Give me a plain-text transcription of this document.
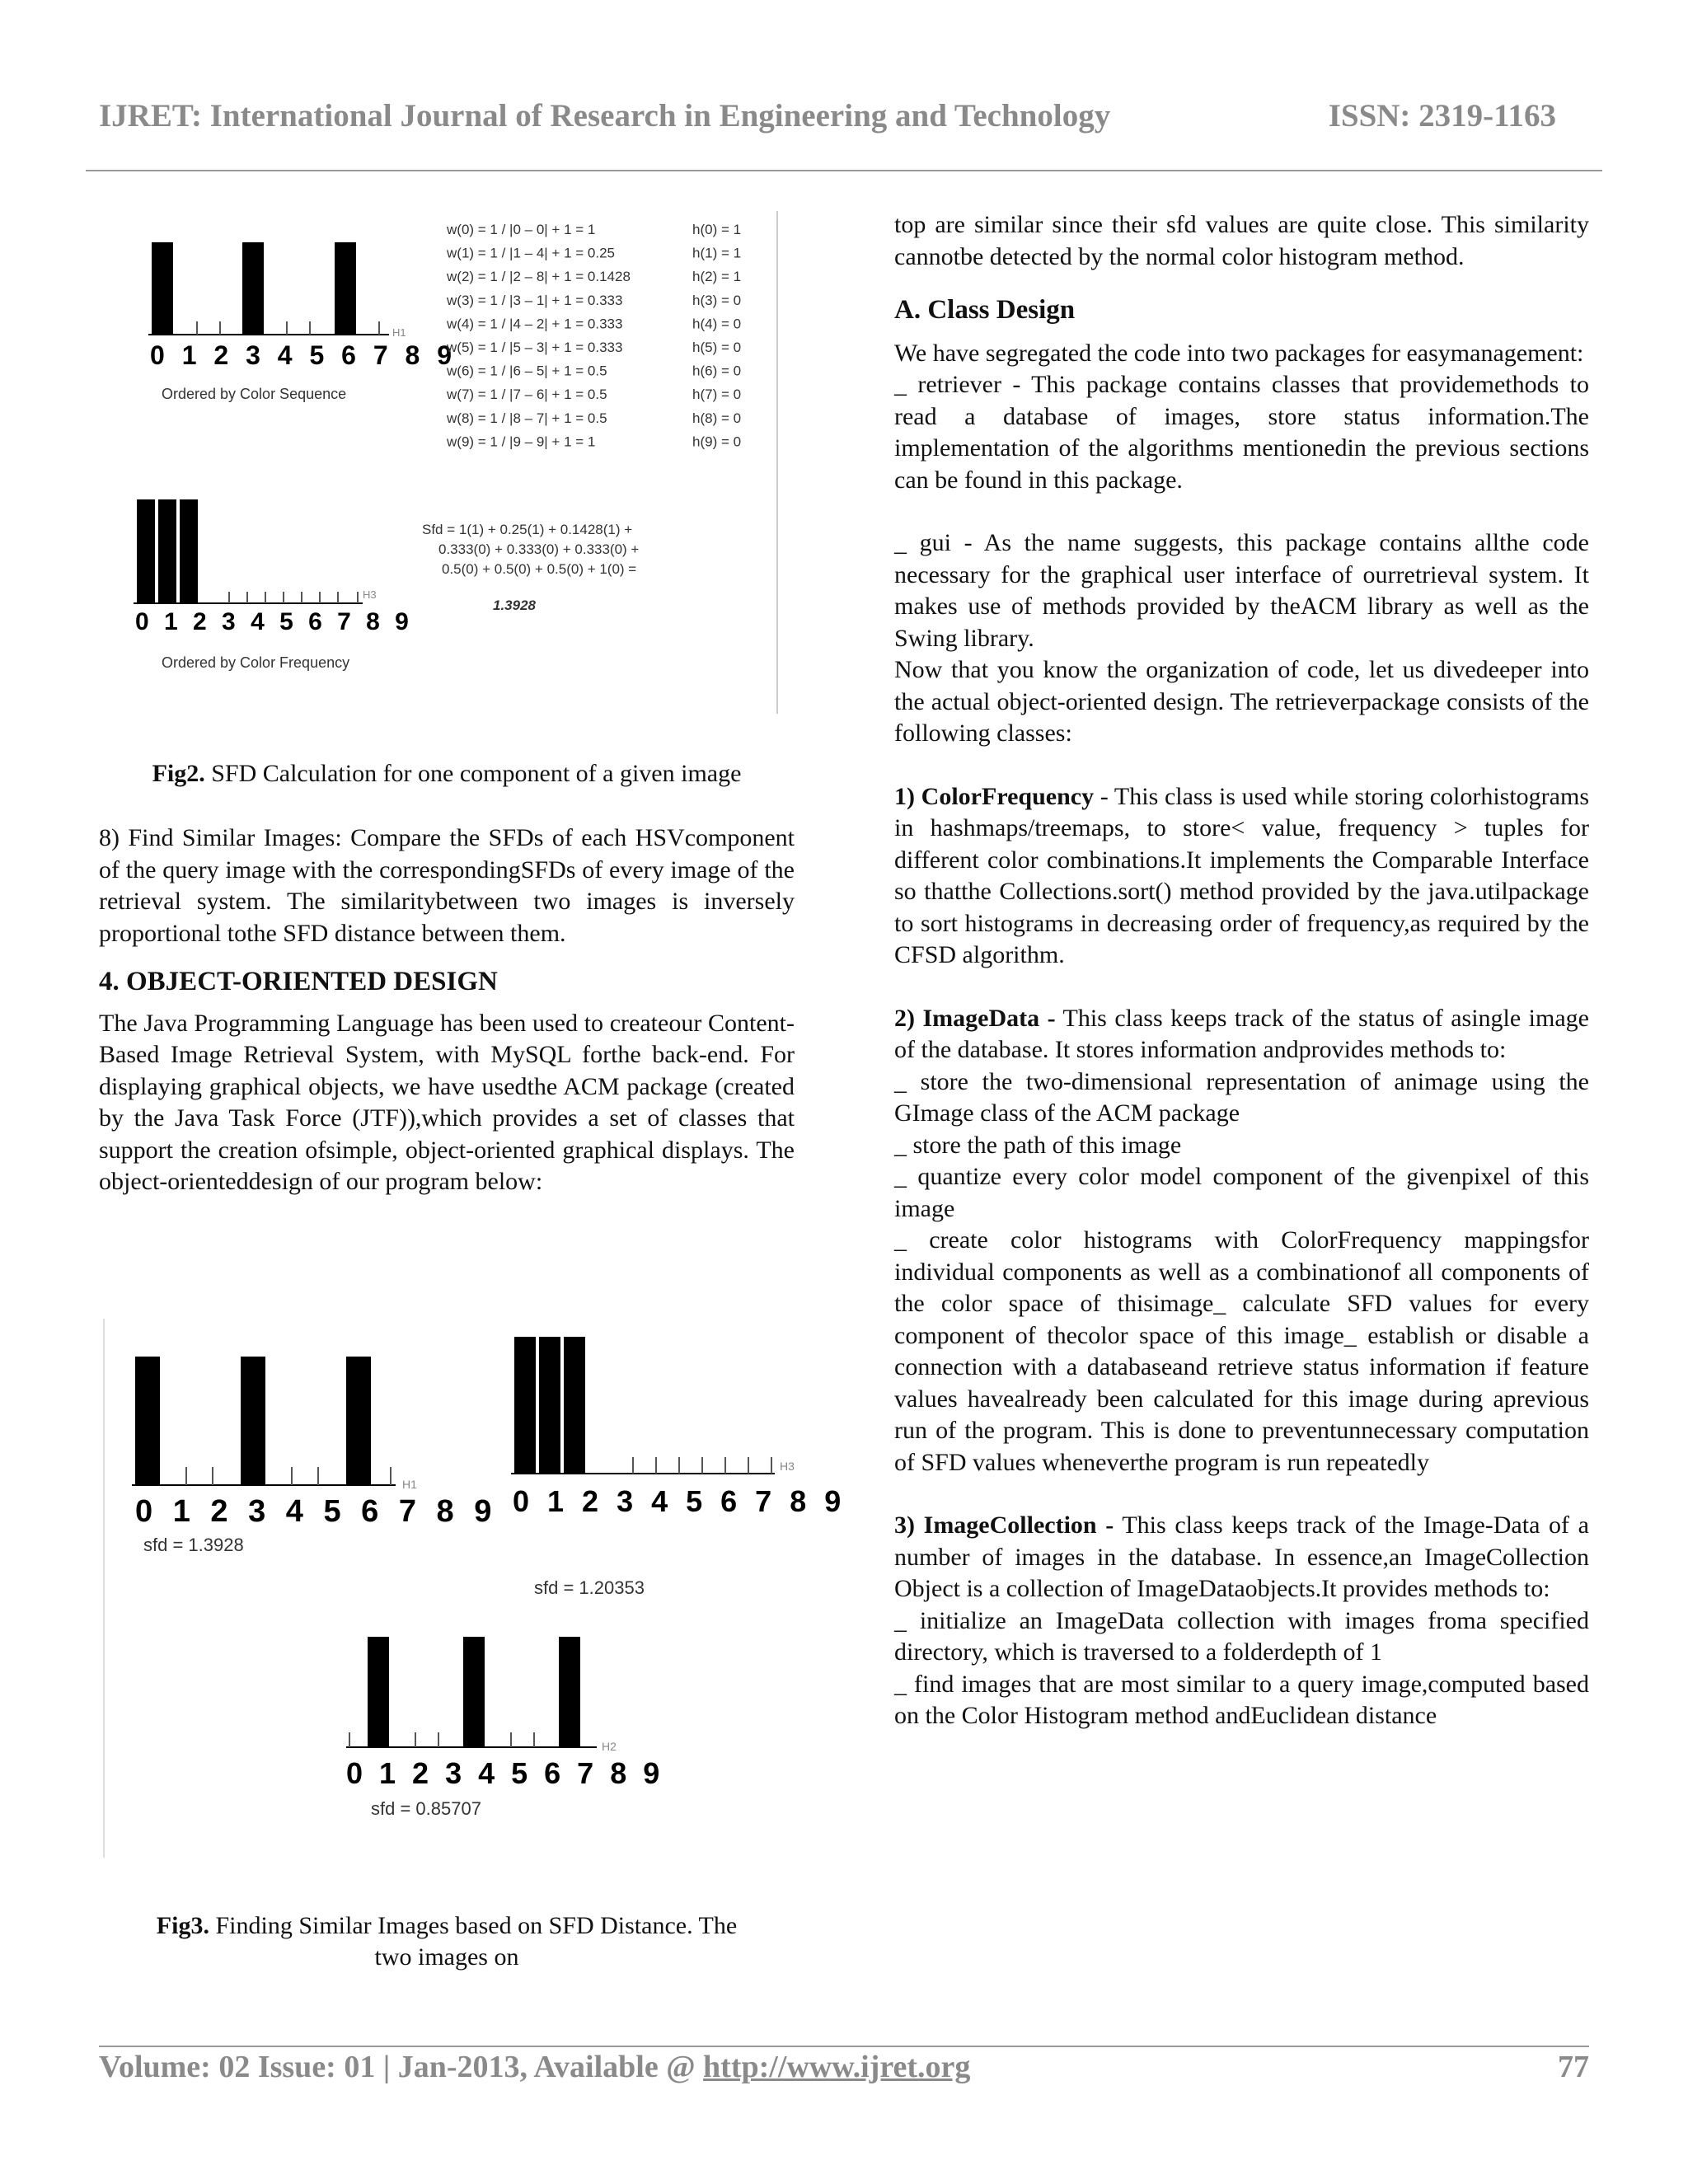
IJRET: International Journal of Research in Engineering and Technology	ISSN: 2319-1163
H1
0 1 2 3 4 5 6 7 8 9
Ordered by Color Sequence
w(0) = 1 / |0 – 0| + 1 = 1	h(0) = 1
w(1) = 1 / |1 – 4| + 1 = 0.25	h(1) = 1
w(2) = 1 / |2 – 8| + 1 = 0.1428	h(2) = 1
w(3) = 1 / |3 – 1| + 1 = 0.333	h(3) = 0
w(4) = 1 / |4 – 2| + 1 = 0.333	h(4) = 0
w(5) = 1 / |5 – 3| + 1 = 0.333	h(5) = 0
w(6) = 1 / |6 – 5| + 1 = 0.5	h(6) = 0
w(7) = 1 / |7 – 6| + 1 = 0.5	h(7) = 0
w(8) = 1 / |8 – 7| + 1 = 0.5	h(8) = 0
w(9) = 1 / |9 – 9| + 1 = 1	h(9) = 0
H3
0 1 2 3 4 5 6 7 8 9
Ordered by Color Frequency
Sfd = 1(1) + 0.25(1) + 0.1428(1) +
0.333(0) + 0.333(0) + 0.333(0) +
0.5(0) + 0.5(0) + 0.5(0) + 1(0) =
1.3928
Fig2. SFD Calculation for one component of a given image

8) Find Similar Images: Compare the SFDs of each HSVcomponent of the query image with the correspondingSFDs of every image of the retrieval system. The similaritybetween two images is inversely proportional tothe SFD distance between them.

4. OBJECT-ORIENTED DESIGN

The Java Programming Language has been used to createour Content-Based Image Retrieval System, with MySQL forthe back-end. For displaying graphical objects, we have usedthe ACM package (created by the Java Task Force (JTF)),which provides a set of classes that support the creation ofsimple, object-oriented graphical displays. The object-orienteddesign of our program below:

H1
0 1 2 3 4 5 6 7 8 9
sfd = 1.3928
H3
0 1 2 3 4 5 6 7 8 9
sfd = 1.20353
H2
0 1 2 3 4 5 6 7 8 9
sfd = 0.85707
Fig3. Finding Similar Images based on SFD Distance. The
two images on

top are similar since their sfd values are quite close. This similarity cannotbe detected by the normal color histogram method.

A. Class Design

We have segregated the code into two packages for easymanagement:

_ retriever - This package contains classes that providemethods to read a database of images, store status information.The implementation of the algorithms mentionedin the previous sections can be found in this package.

_ gui - As the name suggests, this package contains allthe code necessary for the graphical user interface of ourretrieval system. It makes use of methods provided by theACM library as well as the Swing library.

Now that you know the organization of code, let us divedeeper into the actual object-oriented design. The retrieverpackage consists of the following classes:

1) ColorFrequency - This class is used while storing colorhistograms in hashmaps/treemaps, to store< value, frequency > tuples for different color combinations.It implements the Comparable Interface so thatthe Collections.sort() method provided by the java.utilpackage to sort histograms in decreasing order of frequency,as required by the CFSD algorithm.

2) ImageData - This class keeps track of the status of asingle image of the database. It stores information andprovides methods to:

_ store the two-dimensional representation of animage using the GImage class of the ACM package

_ store the path of this image

_ quantize every color model component of the givenpixel of this image

_ create color histograms with ColorFrequency mappingsfor individual components as well as a combinationof all components of the color space of thisimage_ calculate SFD values for every component of thecolor space of this image_ establish or disable a connection with a databaseand retrieve status information if feature values havealready been calculated for this image during aprevious run of the program. This is done to preventunnecessary computation of SFD values wheneverthe program is run repeatedly

3) ImageCollection - This class keeps track of the Image-Data of a number of images in the database. In essence,an ImageCollection Object is a collection of ImageDataobjects.It provides methods to:

_ initialize an ImageData collection with images froma specified directory, which is traversed to a folderdepth of 1

_ find images that are most similar to a query image,computed based on the Color Histogram method andEuclidean distance

Volume: 02 Issue: 01 | Jan-2013, Available @ http://www.ijret.org	77
